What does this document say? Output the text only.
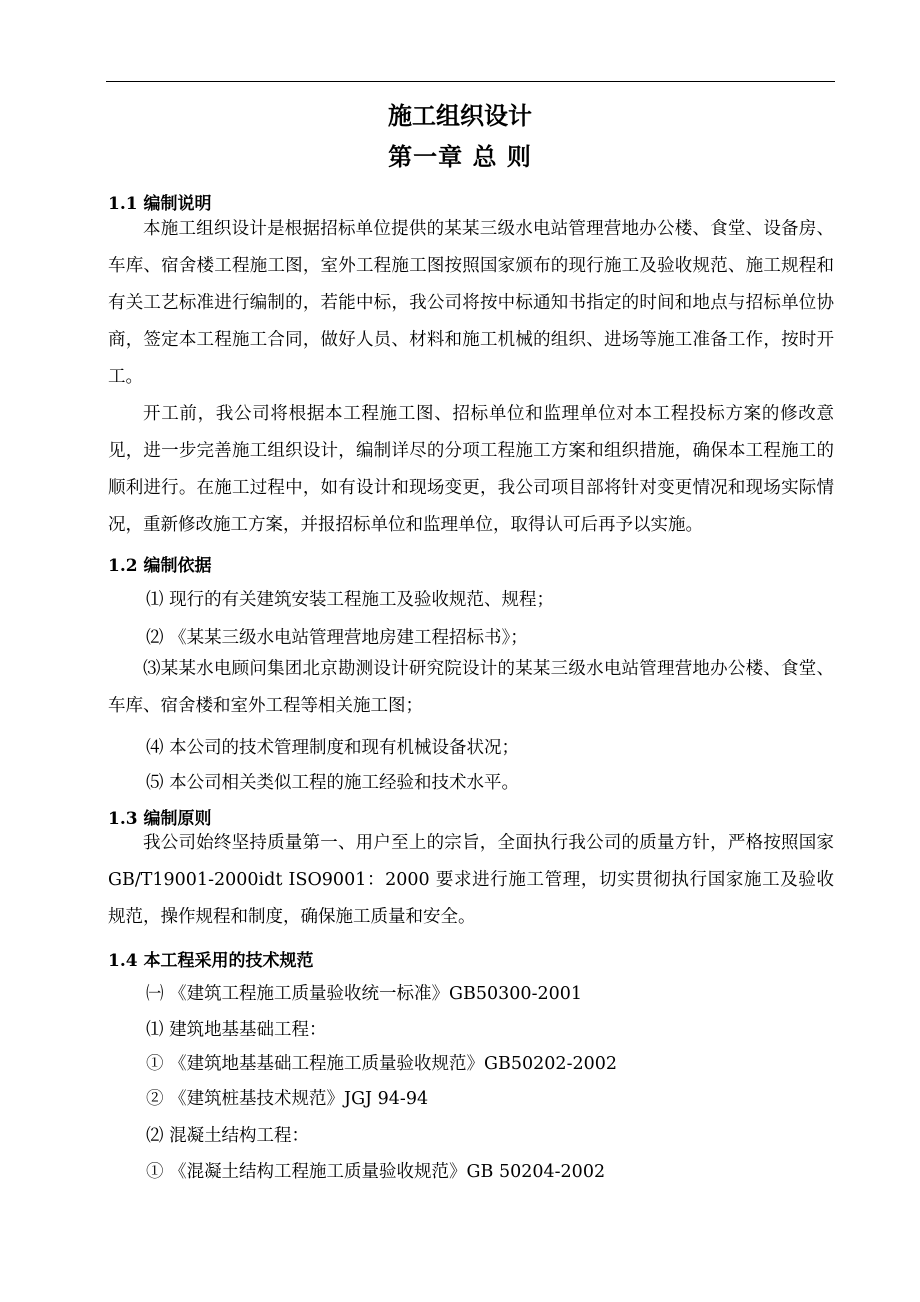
施工组织设计
第一章 总 则
1.1 编制说明

本施工组织设计是根据招标单位提供的某某三级水电站管理营地办公楼、食堂、设备房、车库、宿舍楼工程施工图，室外工程施工图按照国家颁布的现行施工及验收规范、施工规程和有关工艺标准进行编制的，若能中标，我公司将按中标通知书指定的时间和地点与招标单位协商，签定本工程施工合同，做好人员、材料和施工机械的组织、进场等施工准备工作，按时开工。

开工前，我公司将根据本工程施工图、招标单位和监理单位对本工程投标方案的修改意见，进一步完善施工组织设计，编制详尽的分项工程施工方案和组织措施，确保本工程施工的顺利进行。在施工过程中，如有设计和现场变更，我公司项目部将针对变更情况和现场实际情况，重新修改施工方案，并报招标单位和监理单位，取得认可后再予以实施。

1.2 编制依据
⑴ 现行的有关建筑安装工程施工及验收规范、规程；
⑵ 《某某三级水电站管理营地房建工程招标书》；

⑶某某水电顾问集团北京勘测设计研究院设计的某某三级水电站管理营地办公楼、食堂、车库、宿舍楼和室外工程等相关施工图；

⑷ 本公司的技术管理制度和现有机械设备状况；
⑸ 本公司相关类似工程的施工经验和技术水平。
1.3 编制原则

我公司始终坚持质量第一、用户至上的宗旨，全面执行我公司的质量方针，严格按照国家 GB/T19001-2000idt ISO9001：2000 要求进行施工管理，切实贯彻执行国家施工及验收规范，操作规程和制度，确保施工质量和安全。

1.4 本工程采用的技术规范
㈠ 《建筑工程施工质量验收统一标准》GB50300-2001
⑴ 建筑地基基础工程：
① 《建筑地基基础工程施工质量验收规范》GB50202-2002
② 《建筑桩基技术规范》JGJ 94-94
⑵ 混凝土结构工程：
① 《混凝土结构工程施工质量验收规范》GB 50204-2002
